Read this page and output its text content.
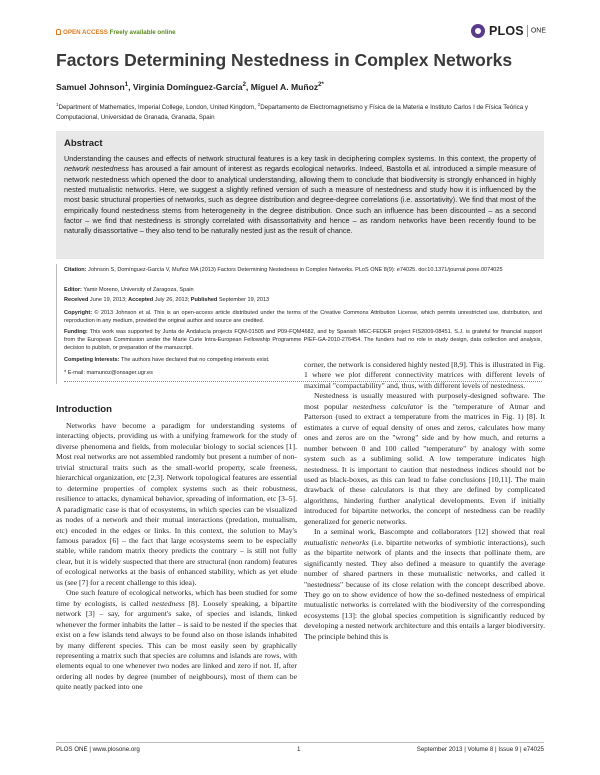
OPEN ACCESS Freely available online	PLOS ONE
Factors Determining Nestedness in Complex Networks
Samuel Johnson$^1$, Virginia Domínguez-García$^2$, Miguel A. Muñoz$^{2*}$
$^1$Department of Mathematics, Imperial College, London, United Kingdom, $^2$Departamento de Electromagnetismo y Física de la Materia e Instituto Carlos I de Física Teórica y Computacional, Universidad de Granada, Granada, Spain
Abstract
Understanding the causes and effects of network structural features is a key task in deciphering complex systems. In this context, the property of network nestedness has aroused a fair amount of interest as regards ecological networks. Indeed, Bastolla et al. introduced a simple measure of network nestedness which opened the door to analytical understanding, allowing them to conclude that biodiversity is strongly enhanced in highly nested mutualistic networks. Here, we suggest a slightly refined version of such a measure of nestedness and study how it is influenced by the most basic structural properties of networks, such as degree distribution and degree-degree correlations (i.e. assortativity). We find that most of the empirically found nestedness stems from heterogeneity in the degree distribution. Once such an influence has been discounted – as a second factor – we find that nestedness is strongly correlated with disassortativity and hence – as random networks have been recently found to be naturally disassortative – they also tend to be naturally nested just as the result of chance.
Citation: Johnson S, Domínguez-García V, Muñoz MA (2013) Factors Determining Nestedness in Complex Networks. PLoS ONE 8(9): e74025. doi:10.1371/journal.pone.0074025
Editor: Yamir Moreno, University of Zaragoza, Spain
Received June 19, 2013; Accepted July 26, 2013; Published September 19, 2013
Copyright: © 2013 Johnson et al. This is an open-access article distributed under the terms of the Creative Commons Attribution License, which permits unrestricted use, distribution, and reproduction in any medium, provided the original author and source are credited.
Funding: This work was supported by Junta de Andalucía projects FQM-01505 and P09-FQM4682, and by Spanish MEC-FEDER project FIS2009-08451. S.J. is grateful for financial support from the European Commission under the Marie Curie Intra-European Fellowship Programme PIEF-GA-2010-276454. The funders had no role in study design, data collection and analysis, decision to publish, or preparation of the manuscript.
Competing Interests: The authors have declared that no competing interests exist.
* E-mail: mamunoz@onsager.ugr.es
Introduction

Networks have become a paradigm for understanding systems of interacting objects, providing us with a unifying framework for the study of diverse phenomena and fields, from molecular biology to social sciences [1]. Most real networks are not assembled randomly but present a number of non-trivial structural traits such as the small-world property, scale freeness, hierarchical organization, etc [2,3]. Network topological features are essential to determine properties of complex systems such as their robustness, resilience to attacks, dynamical behavior, spreading of information, etc [3–5]. A paradigmatic case is that of ecosystems, in which species can be visualized as nodes of a network and their mutual interactions (predation, mutualism, etc) encoded in the edges or links. In this context, the solution to May's famous paradox [6] – the fact that large ecosystems seem to be especially stable, while random matrix theory predicts the contrary – is still not fully clear, but it is widely suspected that there are structural (non random) features of ecological networks at the basis of enhanced stability, which as yet elude us (see [7] for a recent challenge to this idea).

One such feature of ecological networks, which has been studied for some time by ecologists, is called nestedness [8]. Loosely speaking, a bipartite network [3] – say, for argument's sake, of species and islands, linked whenever the former inhabits the latter – is said to be nested if the species that exist on a few islands tend always to be found also on those islands inhabited by many different species. This can be most easily seen by graphically representing a matrix such that species are columns and islands are rows, with elements equal to one whenever two nodes are linked and zero if not. If, after ordering all nodes by degree (number of neighbours), most of them can be quite neatly packed into one

corner, the network is considered highly nested [8,9]. This is illustrated in Fig. 1 where we plot different connectivity matrices with different levels of maximal "compactability" and, thus, with different levels of nestedness.

Nestedness is usually measured with purposely-designed software. The most popular nestedness calculator is the "temperature of Atmar and Patterson (used to extract a temperature from the matrices in Fig. 1) [8]. It estimates a curve of equal density of ones and zeros, calculates how many ones and zeros are on the "wrong" side and by how much, and returns a number between 0 and 100 called "temperature" by analogy with some system such as a subliming solid. A low temperature indicates high nestedness. It is important to caution that nestedness indices should not be used as black-boxes, as this can lead to false conclusions [10,11]. The main drawback of these calculators is that they are defined by complicated algorithms, hindering further analytical developments. Even if initially introduced for bipartite networks, the concept of nestedness can be readily generalized for generic networks.

In a seminal work, Bascompte and collaborators [12] showed that real mutualistic networks (i.e. bipartite networks of symbiotic interactions), such as the bipartite network of plants and the insects that pollinate them, are significantly nested. They also defined a measure to quantify the average number of shared partners in these mutualistic networks, and called it "nestedness" because of its close relation with the concept described above. They go on to show evidence of how the so-defined nestedness of empirical mutualistic networks is correlated with the biodiversity of the corresponding ecosystems [13]: the global species competition is significantly reduced by developing a nested network architecture and this entails a larger biodiversity. The principle behind this is

PLOS ONE | www.plosone.org	1	September 2013 | Volume 8 | Issue 9 | e74025
